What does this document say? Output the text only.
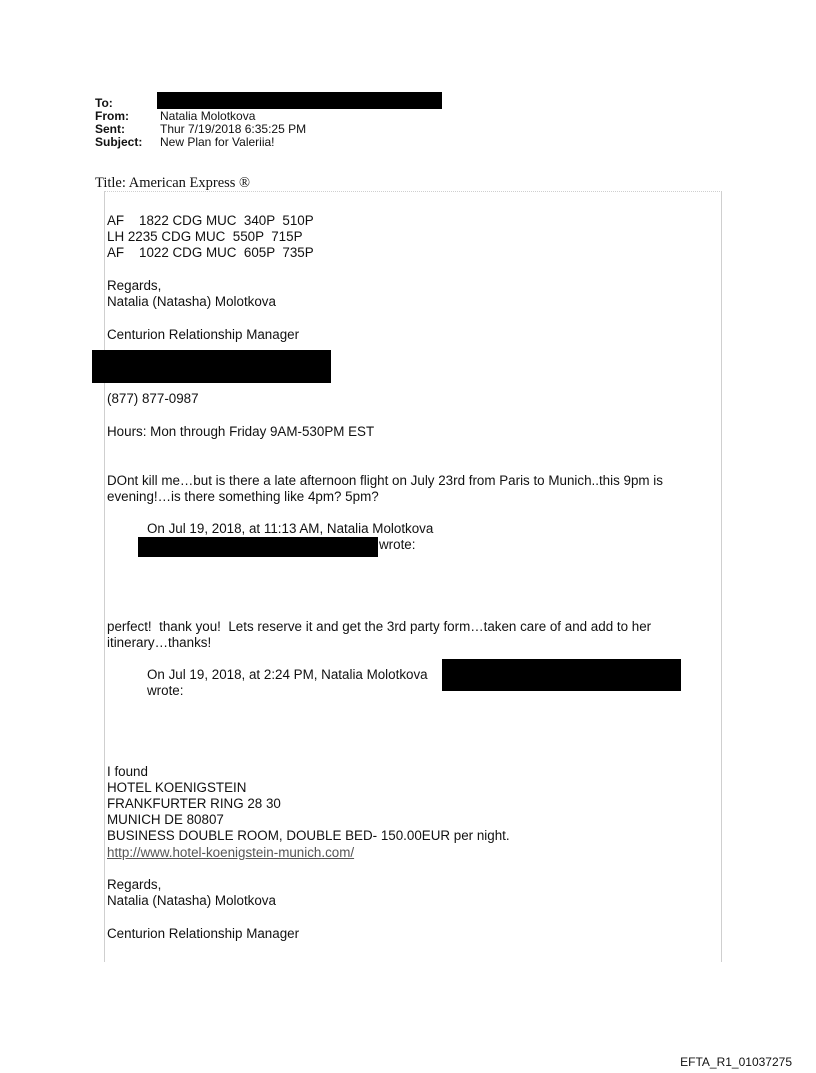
To:
From:	Natalia Molotkova
Sent:	Thur 7/19/2018 6:35:25 PM
Subject:	New Plan for Valeriia!
Title: American Express ®
AF    1822 CDG MUC  340P  510P
LH 2235 CDG MUC  550P  715P
AF    1022 CDG MUC  605P  735P
Regards,
Natalia (Natasha) Molotkova
Centurion Relationship Manager
(877) 877-0987
Hours: Mon through Friday 9AM-530PM EST
DOnt kill me…but is there a late afternoon flight on July 23rd from Paris to Munich..this 9pm is
evening!…is there something like 4pm? 5pm?
On Jul 19, 2018, at 11:13 AM, Natalia Molotkova
wrote:
perfect!  thank you!  Lets reserve it and get the 3rd party form…taken care of and add to her
itinerary…thanks!
On Jul 19, 2018, at 2:24 PM, Natalia Molotkova
wrote:
I found
HOTEL KOENIGSTEIN
FRANKFURTER RING 28 30
MUNICH DE 80807
BUSINESS DOUBLE ROOM, DOUBLE BED- 150.00EUR per night.
http://www.hotel-koenigstein-munich.com/
Regards,
Natalia (Natasha) Molotkova
Centurion Relationship Manager
EFTA_R1_01037275
